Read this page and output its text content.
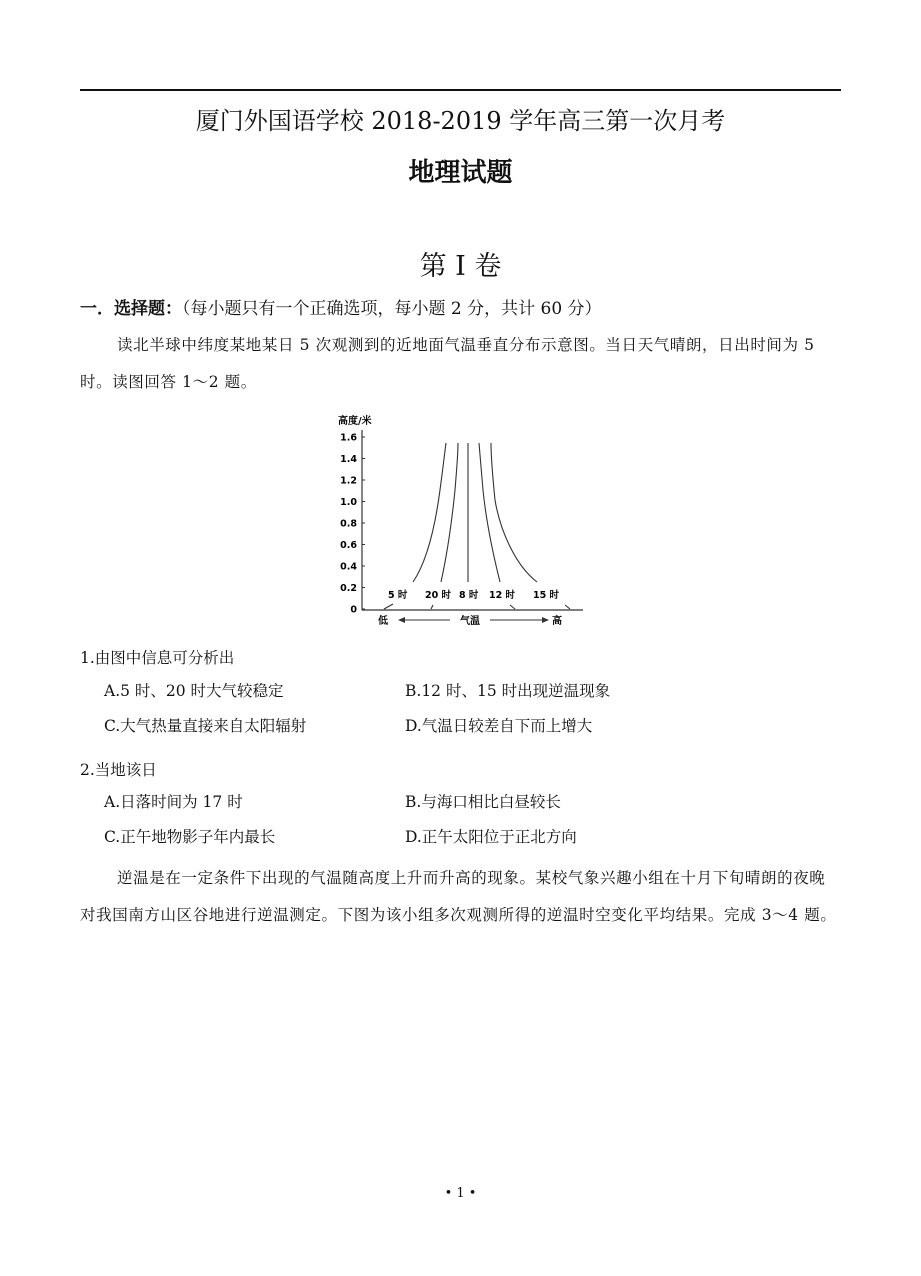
厦门外国语学校 2018-2019 学年高三第一次月考
地理试题
第 I 卷
一．选择题：（每小题只有一个正确选项，每小题 2 分，共计 60 分）
读北半球中纬度某地某日 5 次观测到的近地面气温垂直分布示意图。当日天气晴朗，日出时间为 5 时。读图回答 1～2 题。
高度/米
1.6
1.4
1.2
1.0
0.8
0.6
0.4
0.2
0
5 时 20 时 8 时 12 时 15 时
低	气温	高
1.由图中信息可分析出
A.5 时、20 时大气较稳定	B.12 时、15 时出现逆温现象
C.大气热量直接来自太阳辐射	D.气温日较差自下而上增大
2.当地该日
A.日落时间为 17 时	B.与海口相比白昼较长
C.正午地物影子年内最长	D.正午太阳位于正北方向
逆温是在一定条件下出现的气温随高度上升而升高的现象。某校气象兴趣小组在十月下旬晴朗的夜晚对我国南方山区谷地进行逆温测定。下图为该小组多次观测所得的逆温时空变化平均结果。完成 3～4 题。
• 1 •
